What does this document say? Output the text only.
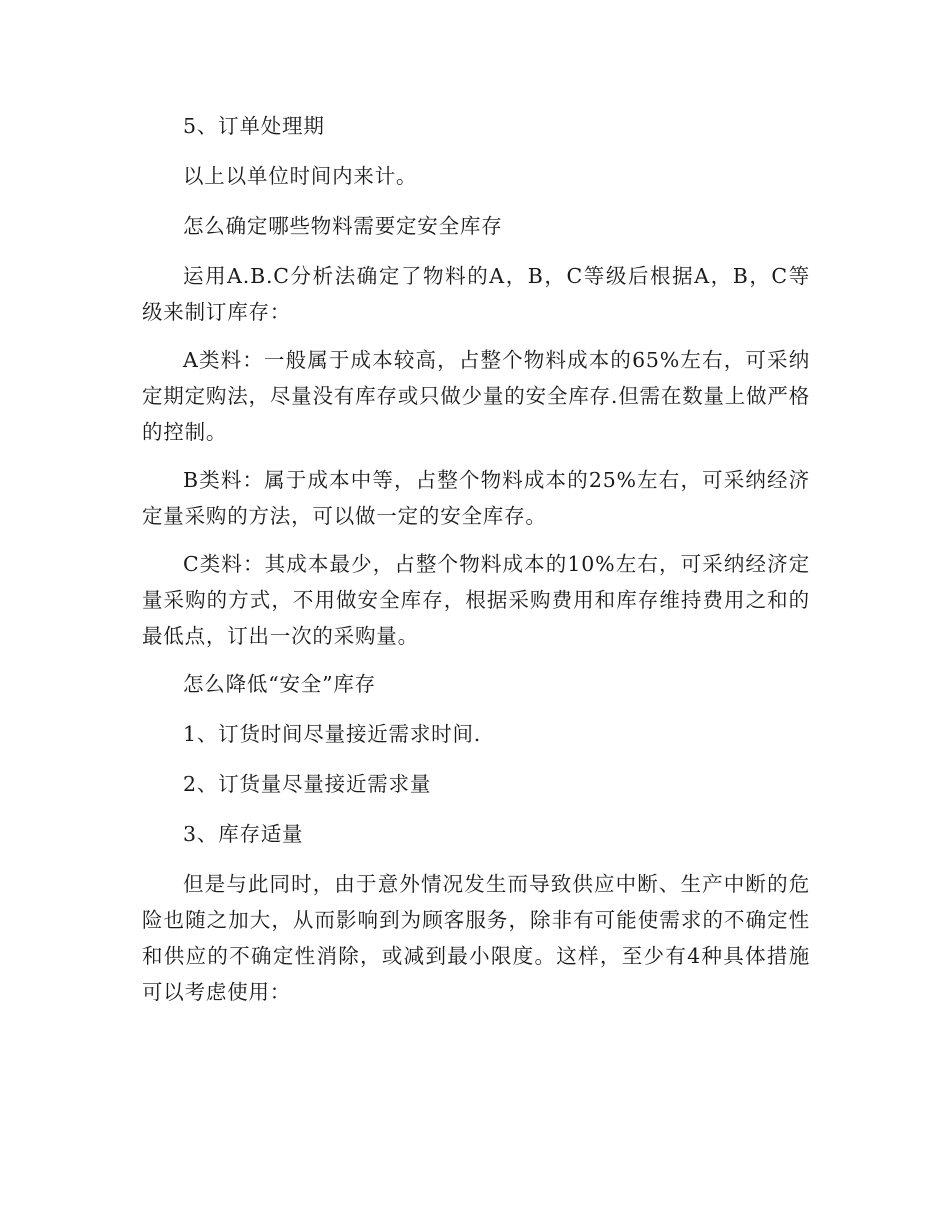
5、订单处理期

以上以单位时间内来计。

怎么确定哪些物料需要定安全库存

运用A.B.C分析法确定了物料的A，B，C等级后根据A，B，C等级来制订库存：

A类料：一般属于成本较高，占整个物料成本的65%左右，可采纳定期定购法，尽量没有库存或只做少量的安全库存.但需在数量上做严格的控制。

B类料：属于成本中等，占整个物料成本的25%左右，可采纳经济定量采购的方法，可以做一定的安全库存。

C类料：其成本最少，占整个物料成本的10%左右，可采纳经济定量采购的方式，不用做安全库存，根据采购费用和库存维持费用之和的最低点，订出一次的采购量。

怎么降低“安全”库存

1、订货时间尽量接近需求时间.

2、订货量尽量接近需求量

3、库存适量

但是与此同时，由于意外情况发生而导致供应中断、生产中断的危险也随之加大，从而影响到为顾客服务，除非有可能使需求的不确定性和供应的不确定性消除，或减到最小限度。这样，至少有4种具体措施可以考虑使用：
